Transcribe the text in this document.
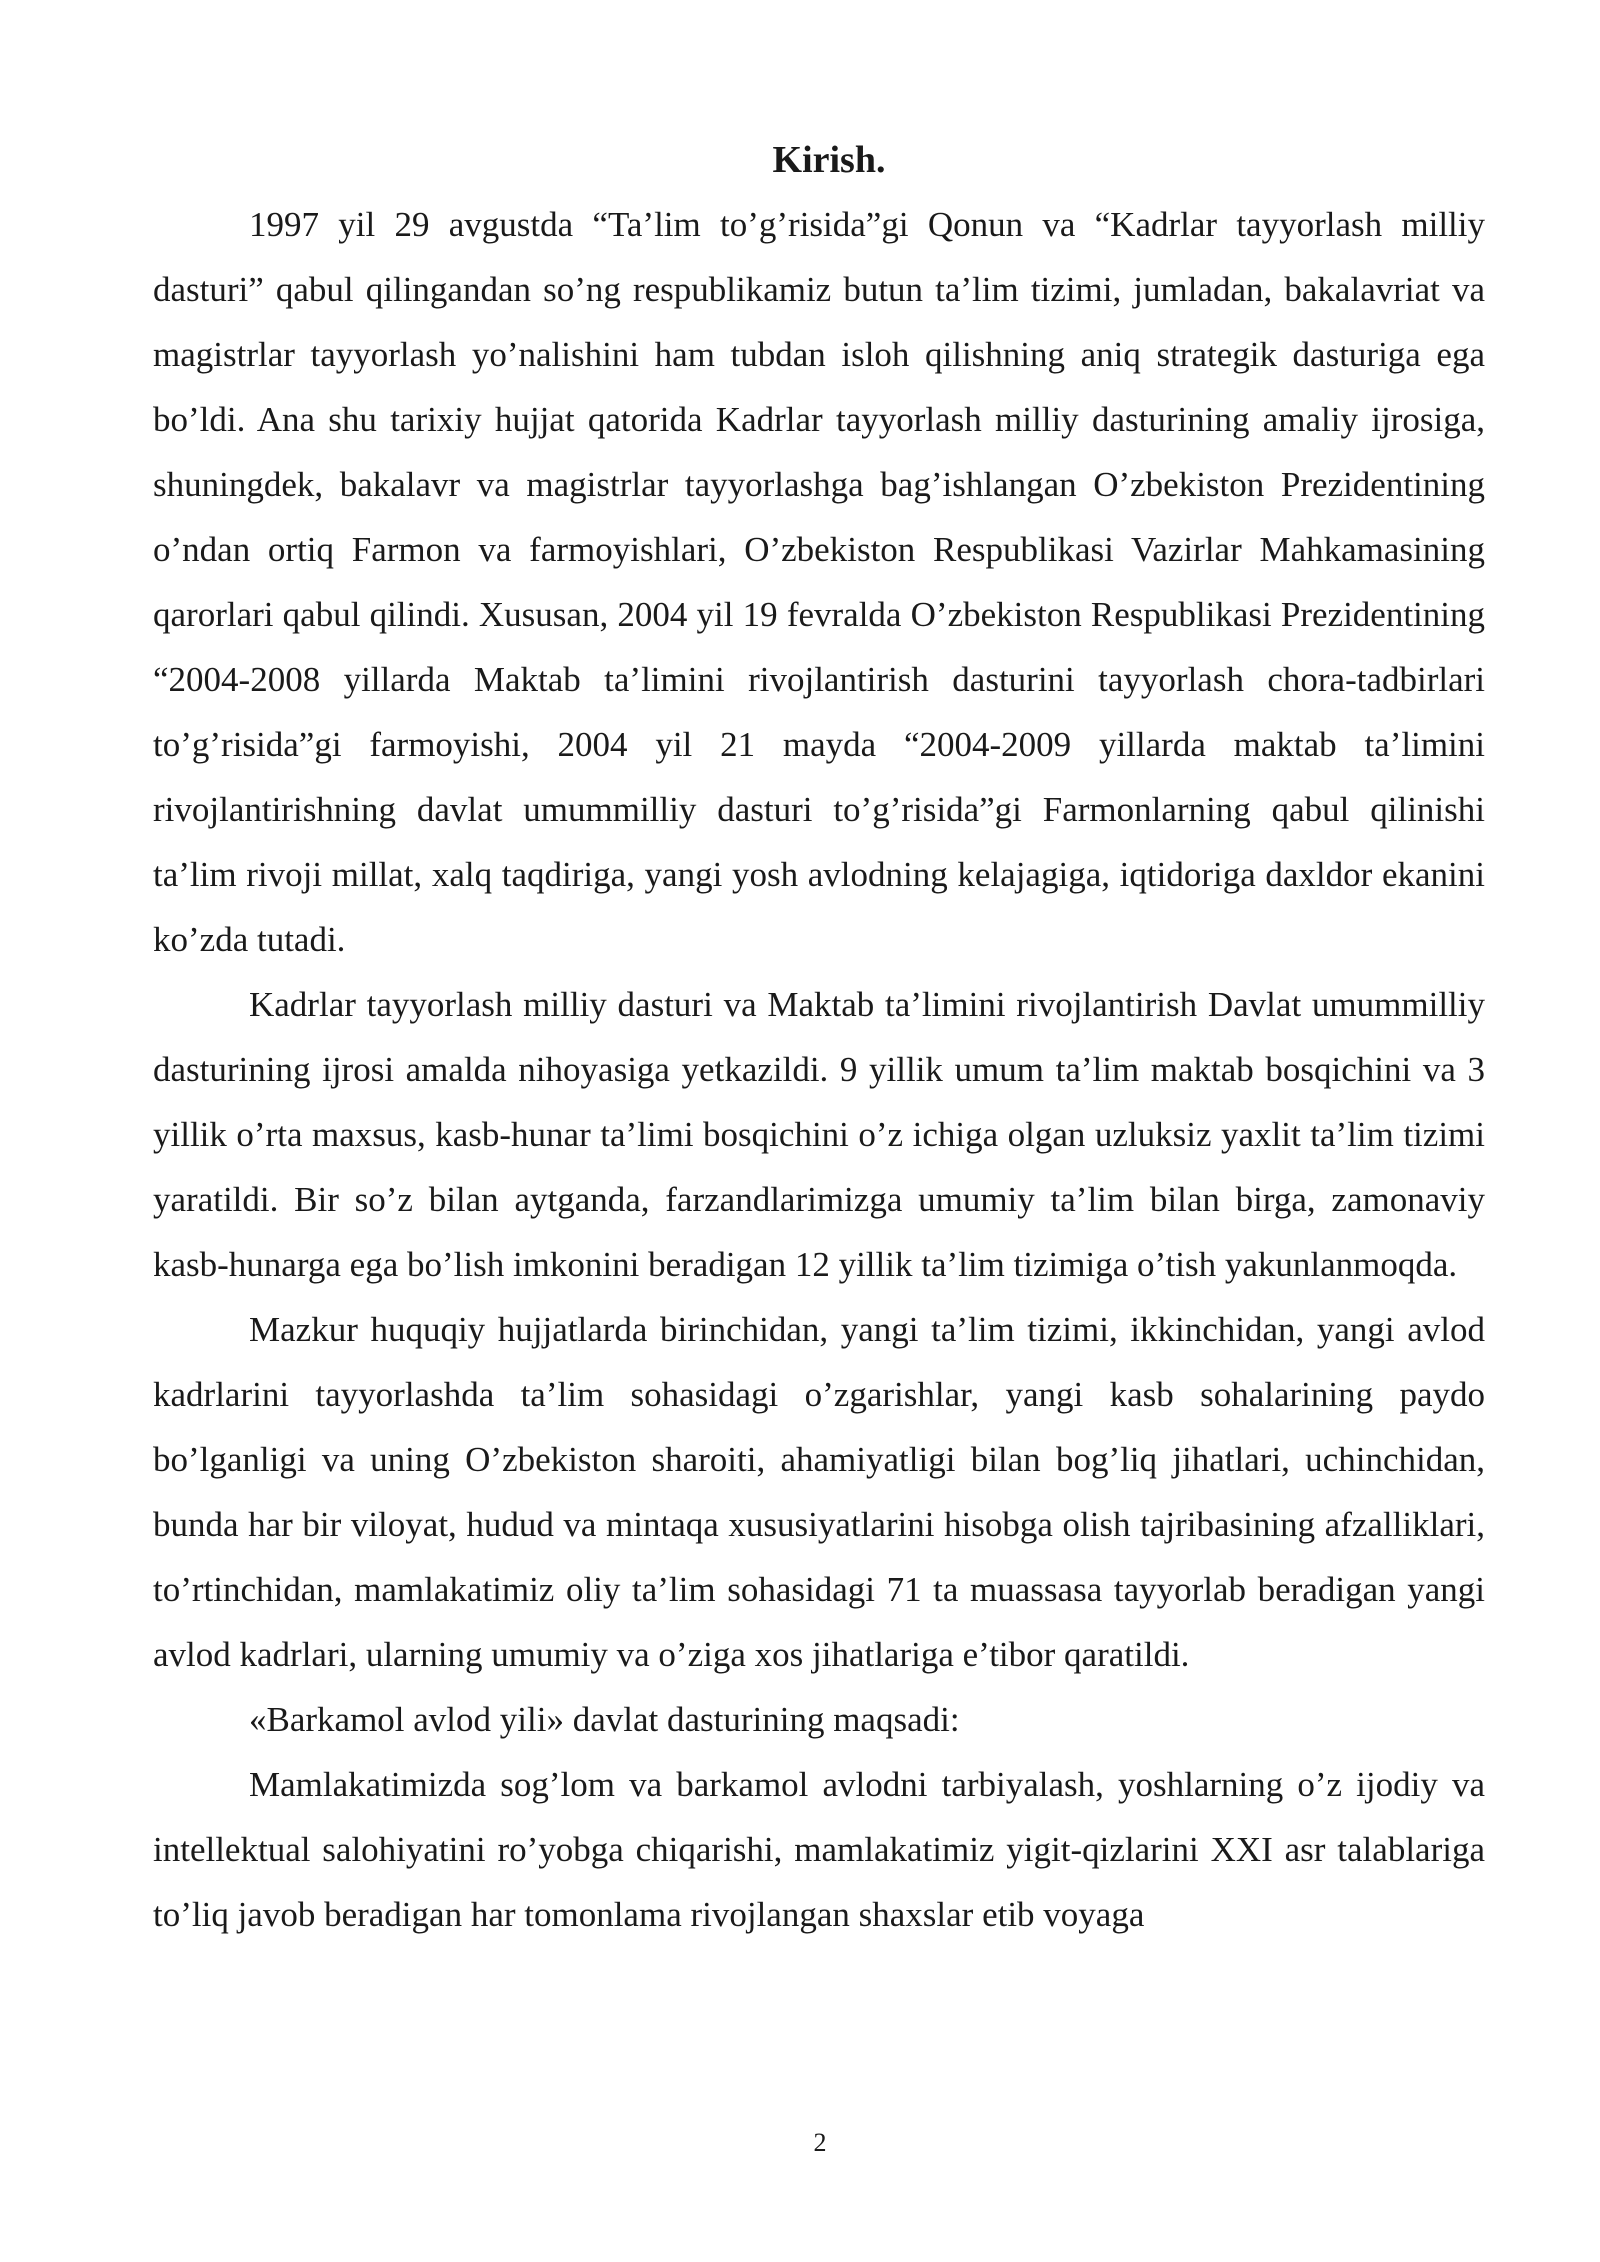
Kirish.

1997 yil 29 avgustda “Ta’lim to’g’risida”gi Qonun va “Kadrlar tayyorlash milliy dasturi” qabul qilingandan so’ng respublikamiz butun ta’lim tizimi, jumladan, bakalavriat va magistrlar tayyorlash yo’nalishini ham tubdan isloh qilishning aniq strategik dasturiga ega bo’ldi. Ana shu tarixiy hujjat qatorida Kadrlar tayyorlash milliy dasturining amaliy ijrosiga, shuningdek, bakalavr va magistrlar tayyorlashga bag’ishlangan O’zbekiston Prezidentining o’ndan ortiq Farmon va farmoyishlari, O’zbekiston Respublikasi Vazirlar Mahkamasining qarorlari qabul qilindi. Xususan, 2004 yil 19 fevralda O’zbekiston Respublikasi Prezidentining “2004-2008 yillarda Maktab ta’limini rivojlantirish dasturini tayyorlash chora-tadbirlari to’g’risida”gi farmoyishi, 2004 yil 21 mayda “2004-2009 yillarda maktab ta’limini rivojlantirishning davlat umummilliy dasturi to’g’risida”gi Farmonlarning qabul qilinishi ta’lim rivoji millat, xalq taqdiriga, yangi yosh avlodning kelajagiga, iqtidoriga daxldor ekanini ko’zda tutadi.

Kadrlar tayyorlash milliy dasturi va Maktab ta’limini rivojlantirish Davlat umummilliy dasturining ijrosi amalda nihoyasiga yetkazildi. 9 yillik umum ta’lim maktab bosqichini va 3 yillik o’rta maxsus, kasb-hunar ta’limi bosqichini o’z ichiga olgan uzluksiz yaxlit ta’lim tizimi yaratildi. Bir so’z bilan aytganda, farzandlarimizga umumiy ta’lim bilan birga, zamonaviy kasb-hunarga ega bo’lish imkonini beradigan 12 yillik ta’lim tizimiga o’tish yakunlanmoqda.

Mazkur huquqiy hujjatlarda birinchidan, yangi ta’lim tizimi, ikkinchidan, yangi avlod kadrlarini tayyorlashda ta’lim sohasidagi o’zgarishlar, yangi kasb sohalarining paydo bo’lganligi va uning O’zbekiston sharoiti, ahamiyatligi bilan bog’liq jihatlari, uchinchidan, bunda har bir viloyat, hudud va mintaqa xususiyatlarini hisobga olish tajribasining afzalliklari, to’rtinchidan, mamlakatimiz oliy ta’lim sohasidagi 71 ta muassasa tayyorlab beradigan yangi avlod kadrlari, ularning umumiy va o’ziga xos jihatlariga e’tibor qaratildi.

«Barkamol avlod yili» davlat dasturining maqsadi:

Mamlakatimizda sog’lom va barkamol avlodni tarbiyalash, yoshlarning o’z ijodiy va intellektual salohiyatini ro’yobga chiqarishi, mamlakatimiz yigit-qizlarini XXI asr talablariga to’liq javob beradigan har tomonlama rivojlangan shaxslar etib voyaga

2
